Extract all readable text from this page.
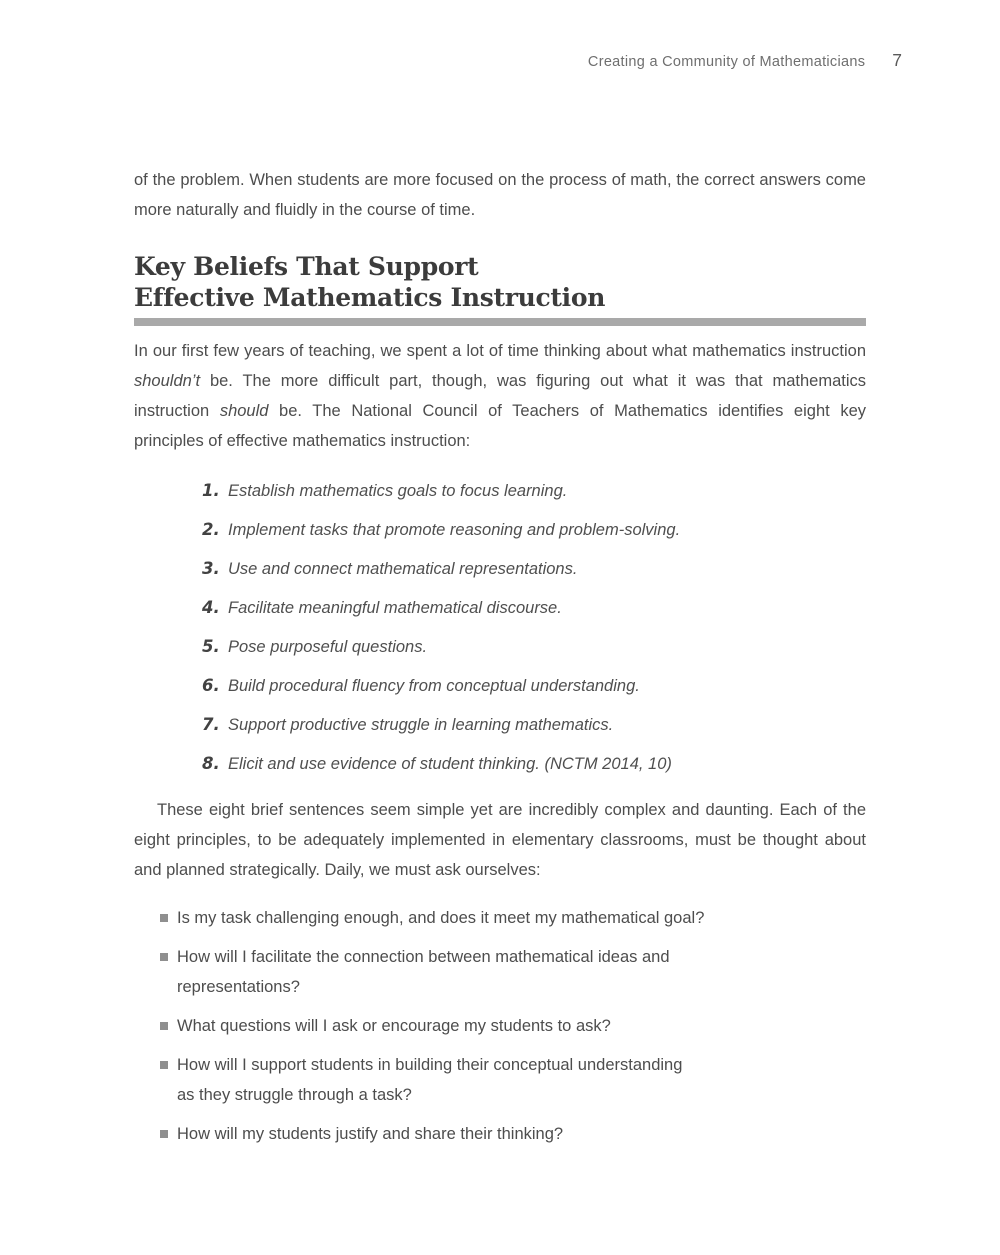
Creating a Community of Mathematicians 7

of the problem. When students are more focused on the process of math, the correct answers come more naturally and fluidly in the course of time.

Key Beliefs That Support
Effective Mathematics Instruction

In our first few years of teaching, we spent a lot of time thinking about what mathematics instruction shouldn’t be. The more difficult part, though, was figuring out what it was that mathematics instruction should be. The National Council of Teachers of Mathematics identifies eight key principles of effective mathematics instruction:

1. Establish mathematics goals to focus learning.
2. Implement tasks that promote reasoning and problem-solving.
3. Use and connect mathematical representations.
4. Facilitate meaningful mathematical discourse.
5. Pose purposeful questions.
6. Build procedural fluency from conceptual understanding.
7. Support productive struggle in learning mathematics.
8. Elicit and use evidence of student thinking. (NCTM 2014, 10)

These eight brief sentences seem simple yet are incredibly complex and daunting. Each of the eight principles, to be adequately implemented in elementary classrooms, must be thought about and planned strategically. Daily, we must ask ourselves:

Is my task challenging enough, and does it meet my mathematical goal?
How will I facilitate the connection between mathematical ideas and
representations?
What questions will I ask or encourage my students to ask?
How will I support students in building their conceptual understanding
as they struggle through a task?
How will my students justify and share their thinking?
